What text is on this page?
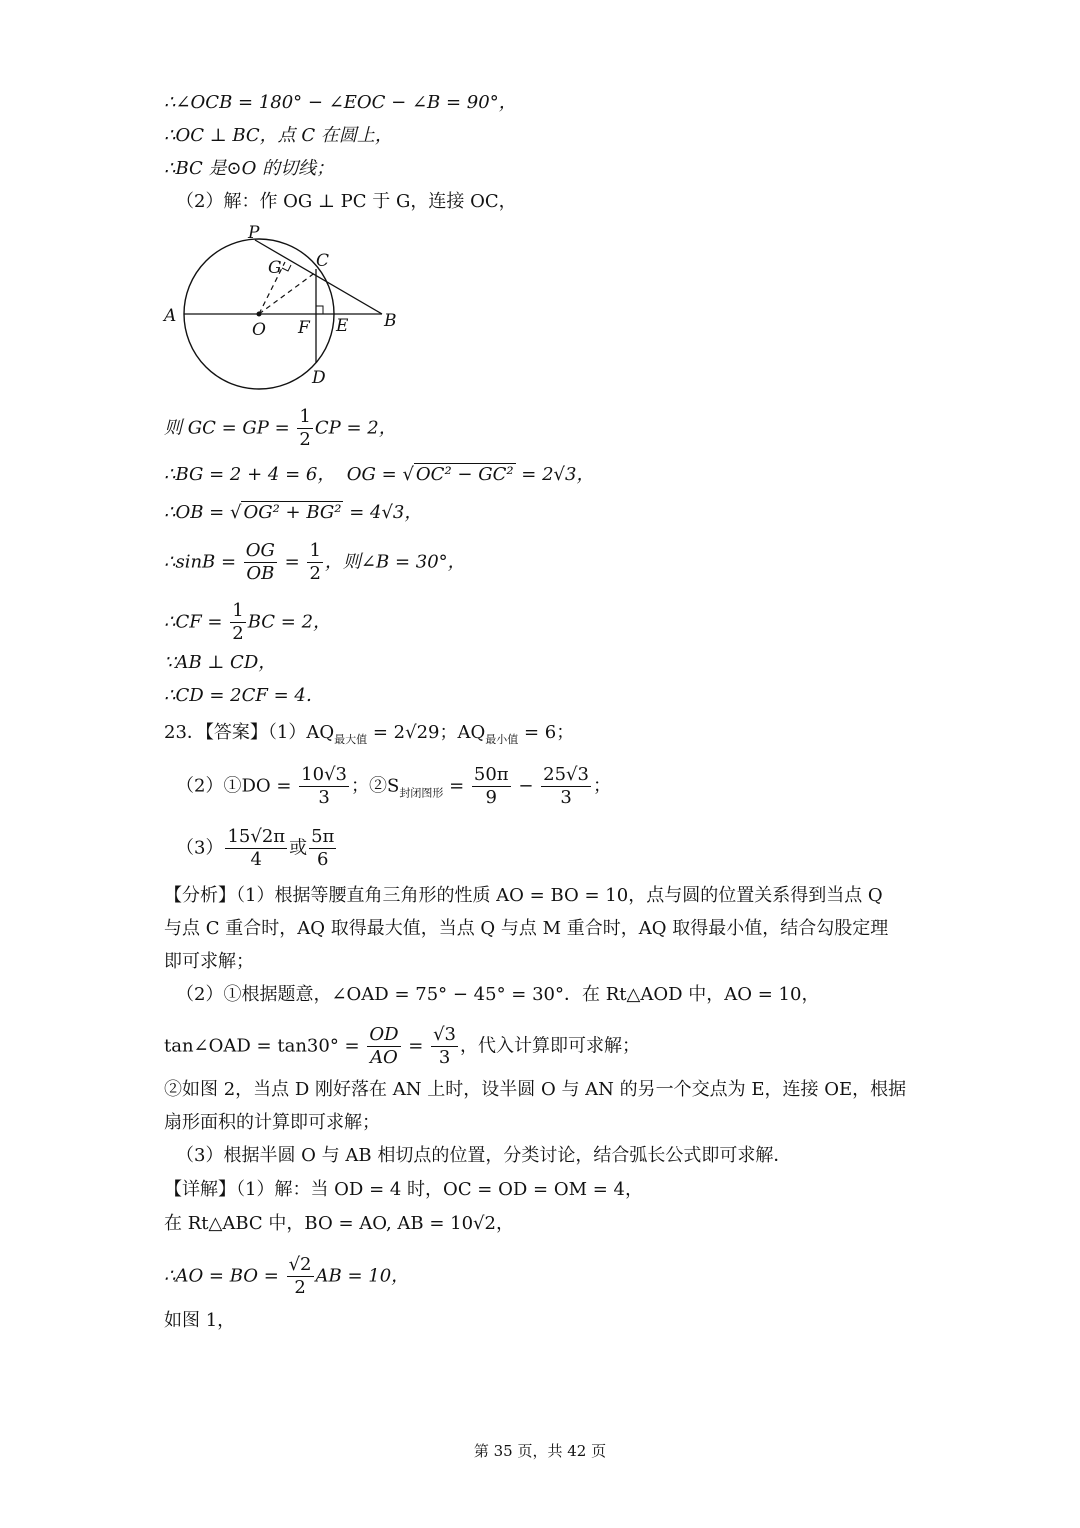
∴∠OCB = 180° − ∠EOC − ∠B = 90°，
∴OC ⊥ BC，点 C 在圆上，
∴BC 是⊙O 的切线；
（2）解：作 OG ⊥ PC 于 G，连接 OC，
P
G C
A
O F E B
D
则 GC = GP = $\frac{1}{2}$ CP = 2，
∴BG = 2 + 4 = 6， OG = √ OC² − GC² = 2√3，
∴OB = √ OG² + BG² = 4√3，
∴sinB = $\frac{OG}{OB} = \frac{1}{2}$ ，则∠B = 30°，
∴CF = $\frac{1}{2}$ BC = 2，
∵AB ⊥ CD，
∴CD = 2CF = 4．
23．【答案】$(1)AQ_{最大值} = 2√29$；$AQ_{最小值} = 6$；
（2）①DO = $\frac{10√3}{3}$ ；$②S_{封闭图形} = \frac{50\pi}{9} - \frac{25√3}{3}$ ；
$(3) \frac{15√2\pi}{4}$ 或 $\frac{5\pi}{6}$
【分析】（1）根据等腰直角三角形的性质 AO = BO = 10，点与圆的位置关系得到当点 Q
与点 C 重合时，AQ 取得最大值，当点 Q 与点 M 重合时，AQ 取得最小值，结合勾股定理
即可求解；
（2）①根据题意，∠OAD = 75° − 45° = 30°．在 Rt△AOD 中，AO = 10，
tan∠OAD = $\tan 30^\circ = \frac{OD}{AO} = \frac{√3}{3}$ ，代入计算即可求解；
②如图 2，当点 D 刚好落在 AN 上时，设半圆 O 与 AN 的另一个交点为 E，连接 OE，根据
扇形面积的计算即可求解；
（3）根据半圆 O 与 AB 相切点的位置，分类讨论，结合弧长公式即可求解．
【详解】（1）解：当 OD = 4 时，OC = OD = OM = 4，
在 Rt△ABC 中，BO = AO, AB = 10√2，
∴AO = BO = $\frac{√2}{2}$ AB = 10，
如图 1，
第 35 页，共 42 页
